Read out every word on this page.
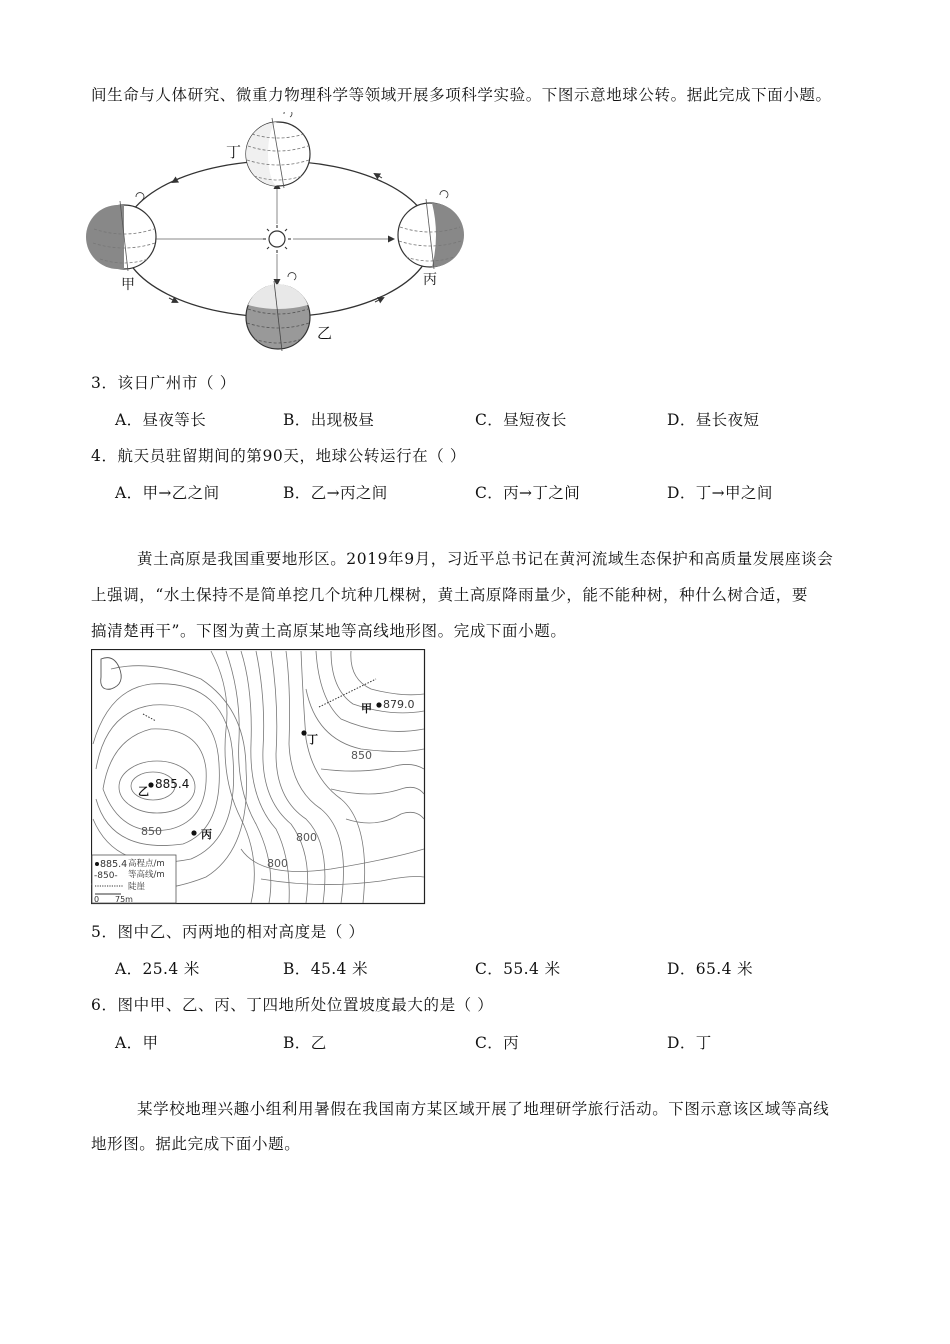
间生命与人体研究、微重力物理科学等领域开展多项科学实验。下图示意地球公转。据此完成下面小题。
丁
甲
乙
丙
3．该日广州市（ ）
A．昼夜等长	B．出现极昼	C．昼短夜长	D．昼长夜短
4．航天员驻留期间的第90天，地球公转运行在（ ）
A．甲→乙之间	B．乙→丙之间	C．丙→丁之间	D．丁→甲之间
黄土高原是我国重要地形区。2019年9月，习近平总书记在黄河流域生态保护和高质量发展座谈会
上强调，“水土保持不是简单挖几个坑种几棵树，黄土高原降雨量少，能不能种树，种什么树合适，要
搞清楚再干”。下图为黄土高原某地等高线地形图。完成下面小题。
甲 879.0
丁
乙
885.4
丙
850
850
800
800
885.4 高程点/m
-850- 等高线/m
陡崖
0 75m
5．图中乙、丙两地的相对高度是（ ）
A．25.4 米	B．45.4 米	C．55.4 米	D．65.4 米
6．图中甲、乙、丙、丁四地所处位置坡度最大的是（ ）
A．甲	B．乙	C．丙	D．丁
某学校地理兴趣小组利用暑假在我国南方某区域开展了地理研学旅行活动。下图示意该区域等高线
地形图。据此完成下面小题。
